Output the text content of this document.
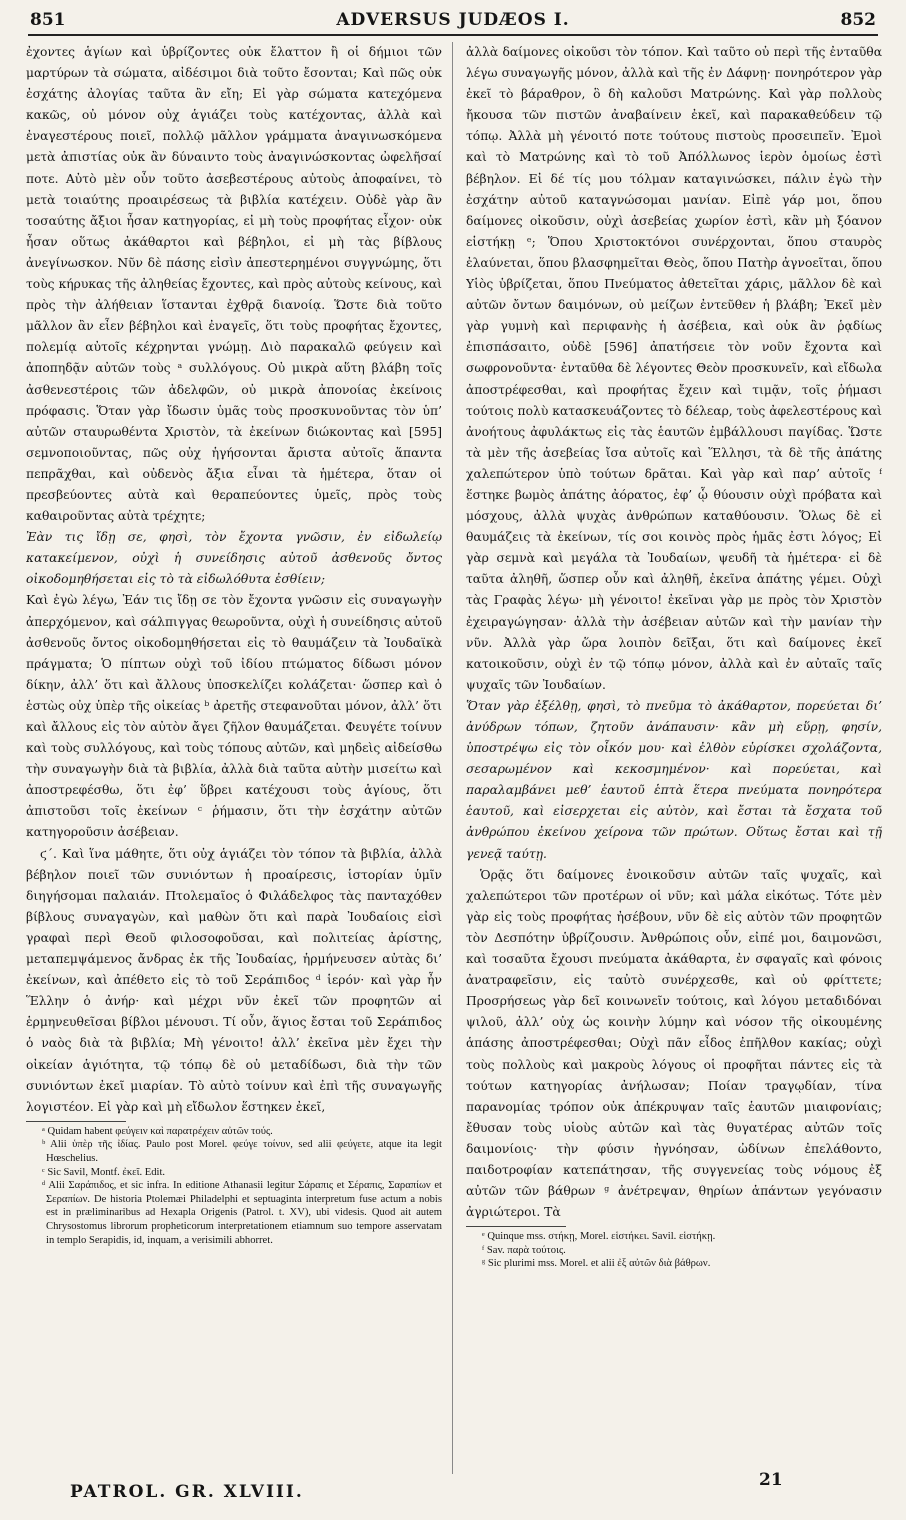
851	ADVERSUS JUDÆOS I.	852

ἐχοντες ἁγίων καὶ ὑβρίζοντες οὐκ ἔλαττον ἢ οἱ δήμιοι τῶν μαρτύρων τὰ σώματα, αἰδέσιμοι διὰ τοῦτο ἔσονται; Καὶ πῶς οὐκ ἐσχάτης ἀλογίας ταῦτα ἂν εἴη; Εἰ γὰρ σώματα κατεχόμενα κακῶς, οὐ μόνον οὐχ ἁγιάζει τοὺς κατέχοντας, ἀλλὰ καὶ ἐναγεστέρους ποιεῖ, πολλῷ μᾶλλον γράμματα ἀναγινωσκόμενα μετὰ ἀπιστίας οὐκ ἂν δύναιντο τοὺς ἀναγινώσκοντας ὠφελῆσαί ποτε. Αὐτὸ μὲν οὖν τοῦτο ἀσεβεστέρους αὐτοὺς ἀποφαίνει, τὸ μετὰ τοιαύτης προαιρέσεως τὰ βιβλία κατέχειν. Οὐδὲ γὰρ ἂν τοσαύτης ἄξιοι ἦσαν κατηγορίας, εἰ μὴ τοὺς προφήτας εἶχον· οὐκ ἦσαν οὕτως ἀκάθαρτοι καὶ βέβηλοι, εἰ μὴ τὰς βίβλους ἀνεγίνωσκον. Νῦν δὲ πάσης εἰσὶν ἀπεστερημένοι συγγνώμης, ὅτι τοὺς κήρυκας τῆς ἀληθείας ἔχοντες, καὶ πρὸς αὐτοὺς κείνους, καὶ πρὸς τὴν ἀλήθειαν ἵστανται ἐχθρᾷ διανοίᾳ. Ὥστε διὰ τοῦτο μᾶλλον ἂν εἶεν βέβηλοι καὶ ἐναγεῖς, ὅτι τοὺς προφήτας ἔχοντες, πολεμίᾳ αὐτοῖς κέχρηνται γνώμῃ. Διὸ παρακαλῶ φεύγειν καὶ ἀποπηδᾷν αὐτῶν τοὺς ᵃ συλλόγους. Οὐ μικρὰ αὕτη βλάβη τοῖς ἀσθενεστέροις τῶν ἀδελφῶν, οὐ μικρὰ ἀπονοίας ἐκείνοις πρόφασις. Ὅταν γὰρ ἴδωσιν ὑμᾶς τοὺς προσκυνοῦντας τὸν ὑπ’ αὐτῶν σταυρωθέντα Χριστὸν, τὰ ἐκείνων διώκοντας καὶ [595] σεμνοποιοῦντας, πῶς οὐχ ἡγήσονται ἄριστα αὐτοῖς ἅπαντα πεπρᾶχθαι, καὶ οὐδενὸς ἄξια εἶναι τὰ ἡμέτερα, ὅταν οἱ πρεσβεύοντες αὐτὰ καὶ θεραπεύοντες ὑμεῖς, πρὸς τοὺς καθαιροῦντας αὐτὰ τρέχητε;

Ἐὰν τις ἴδῃ σε, φησὶ, τὸν ἔχοντα γνῶσιν, ἐν εἰδωλείῳ κατακείμενον, οὐχὶ ἡ συνείδησις αὐτοῦ ἀσθενοῦς ὄντος οἰκοδομηθήσεται εἰς τὸ τὰ εἰδωλόθυτα ἐσθίειν;

Καὶ ἐγὼ λέγω, Ἐάν τις ἴδῃ σε τὸν ἔχοντα γνῶσιν εἰς συναγωγὴν ἀπερχόμενον, καὶ σάλπιγγας θεωροῦντα, οὐχὶ ἡ συνείδησις αὐτοῦ ἀσθενοῦς ὄντος οἰκοδομηθήσεται εἰς τὸ θαυμάζειν τὰ Ἰουδαϊκὰ πράγματα; Ὁ πίπτων οὐχὶ τοῦ ἰδίου πτώματος δίδωσι μόνον δίκην, ἀλλ’ ὅτι καὶ ἄλλους ὑποσκελίζει κολάζεται· ὥσπερ καὶ ὁ ἑστὼς οὐχ ὑπὲρ τῆς οἰκείας ᵇ ἀρετῆς στεφανοῦται μόνον, ἀλλ’ ὅτι καὶ ἄλλους εἰς τὸν αὐτὸν ἄγει ζῆλον θαυμάζεται. Φευγέτε τοίνυν καὶ τοὺς συλλόγους, καὶ τοὺς τόπους αὐτῶν, καὶ μηδεὶς αἰδείσθω τὴν συναγωγὴν διὰ τὰ βιβλία, ἀλλὰ διὰ ταῦτα αὐτὴν μισείτω καὶ ἀποστρεφέσθω, ὅτι ἐφ’ ὕβρει κατέχουσι τοὺς ἁγίους, ὅτι ἀπιστοῦσι τοῖς ἐκείνων ᶜ ῥήμασιν, ὅτι τὴν ἐσχάτην αὐτῶν κατηγοροῦσιν ἀσέβειαν.

ϛ΄. Καὶ ἵνα μάθητε, ὅτι οὐχ ἁγιάζει τὸν τόπον τὰ βιβλία, ἀλλὰ βέβηλον ποιεῖ τῶν συνιόντων ἡ προαίρεσις, ἱστορίαν ὑμῖν διηγήσομαι παλαιάν. Πτολεμαῖος ὁ Φιλάδελφος τὰς πανταχόθεν βίβλους συναγαγὼν, καὶ μαθὼν ὅτι καὶ παρὰ Ἰουδαίοις εἰσὶ γραφαὶ περὶ Θεοῦ φιλοσοφοῦσαι, καὶ πολιτείας ἀρίστης, μεταπεμψάμενος ἄνδρας ἐκ τῆς Ἰουδαίας, ἡρμήνευσεν αὐτὰς δι’ ἐκείνων, καὶ ἀπέθετο εἰς τὸ τοῦ Σεράπιδος ᵈ ἱερόν· καὶ γὰρ ἦν Ἕλλην ὁ ἀνήρ· καὶ μέχρι νῦν ἐκεῖ τῶν προφητῶν αἱ ἑρμηνευθεῖσαι βίβλοι μένουσι. Τί οὖν, ἅγιος ἔσται τοῦ Σεράπιδος ὁ ναὸς διὰ τὰ βιβλία; Μὴ γένοιτο! ἀλλ’ ἐκεῖνα μὲν ἔχει τὴν οἰκείαν ἁγιότητα, τῷ τόπῳ δὲ οὐ μεταδίδωσι, διὰ τὴν τῶν συνιόντων ἐκεῖ μιαρίαν. Τὸ αὐτὸ τοίνυν καὶ ἐπὶ τῆς συναγωγῆς λογιστέον. Εἰ γὰρ καὶ μὴ εἴδωλον ἕστηκεν ἐκεῖ,

ᵃ Quidam habent φεύγειν καὶ παρατρέχειν αὐτῶν τούς.

ᵇ Alii ὑπὲρ τῆς ἰδίας. Paulo post Morel. φεύγε τοίνυν, sed alii φεύγετε, atque ita legit Hœschelius.

ᶜ Sic Savil, Montf. ἐκεῖ. Edit.

ᵈ Alii Σαράπιδος, et sic infra. In editione Athanasii legitur Σάραπις et Σέραπις, Σαραπίων et Σεραπίων. De historia Ptolemæi Philadelphi et septuaginta interpretum fuse actum a nobis est in præliminaribus ad Hexapla Origenis (Patrol. t. XV), ubi videsis. Quod ait autem Chrysostomus librorum propheticorum interpretationem etiamnum suo tempore asservatam in templo Serapidis, id, inquam, a verisimili abhorret.

ἀλλὰ δαίμονες οἰκοῦσι τὸν τόπον. Καὶ ταῦτο οὐ περὶ τῆς ἐνταῦθα λέγω συναγωγῆς μόνον, ἀλλὰ καὶ τῆς ἐν Δάφνῃ· πονηρότερον γὰρ ἐκεῖ τὸ βάραθρον, ὃ δὴ καλοῦσι Ματρώνης. Καὶ γὰρ πολλοὺς ἤκουσα τῶν πιστῶν ἀναβαίνειν ἐκεῖ, καὶ παρακαθεύδειν τῷ τόπῳ. Ἀλλὰ μὴ γένοιτό ποτε τούτους πιστοὺς προσειπεῖν. Ἐμοὶ καὶ τὸ Ματρώνης καὶ τὸ τοῦ Ἀπόλλωνος ἱερὸν ὁμοίως ἐστὶ βέβηλον. Εἰ δέ τίς μου τόλμαν καταγινώσκει, πάλιν ἐγὼ τὴν ἐσχάτην αὐτοῦ καταγνώσομαι μανίαν. Εἰπὲ γάρ μοι, ὅπου δαίμονες οἰκοῦσιν, οὐχὶ ἀσεβείας χωρίον ἐστὶ, κἂν μὴ ξόανον εἱστήκῃ ᵉ; Ὅπου Χριστοκτόνοι συνέρχονται, ὅπου σταυρὸς ἐλαύνεται, ὅπου βλασφημεῖται Θεὸς, ὅπου Πατὴρ ἀγνοεῖται, ὅπου Υἱὸς ὑβρίζεται, ὅπου Πνεύματος ἀθετεῖται χάρις, μᾶλλον δὲ καὶ αὐτῶν ὄντων δαιμόνων, οὐ μείζων ἐντεῦθεν ἡ βλάβη; Ἐκεῖ μὲν γὰρ γυμνὴ καὶ περιφανὴς ἡ ἀσέβεια, καὶ οὐκ ἂν ῥᾳδίως ἐπισπάσαιτο, οὐδὲ [596] ἀπατήσειε τὸν νοῦν ἔχοντα καὶ σωφρονοῦντα· ἐνταῦθα δὲ λέγοντες Θεὸν προσκυνεῖν, καὶ εἴδωλα ἀποστρέφεσθαι, καὶ προφήτας ἔχειν καὶ τιμᾷν, τοῖς ῥήμασι τούτοις πολὺ κατασκευάζοντες τὸ δέλεαρ, τοὺς ἀφελεστέρους καὶ ἀνοήτους ἀφυλάκτως εἰς τὰς ἑαυτῶν ἐμβάλλουσι παγίδας. Ὥστε τὰ μὲν τῆς ἀσεβείας ἴσα αὐτοῖς καὶ Ἕλλησι, τὰ δὲ τῆς ἀπάτης χαλεπώτερον ὑπὸ τούτων δρᾶται. Καὶ γὰρ καὶ παρ’ αὐτοῖς ᶠ ἕστηκε βωμὸς ἀπάτης ἀόρατος, ἐφ’ ᾧ θύουσιν οὐχὶ πρόβατα καὶ μόσχους, ἀλλὰ ψυχὰς ἀνθρώπων καταθύουσιν. Ὅλως δὲ εἰ θαυμάζεις τὰ ἐκείνων, τίς σοι κοινὸς πρὸς ἡμᾶς ἐστι λόγος; Εἰ γὰρ σεμνὰ καὶ μεγάλα τὰ Ἰουδαίων, ψευδῆ τὰ ἡμέτερα· εἰ δὲ ταῦτα ἀληθῆ, ὥσπερ οὖν καὶ ἀληθῆ, ἐκεῖνα ἀπάτης γέμει. Οὐχὶ τὰς Γραφὰς λέγω· μὴ γένοιτο! ἐκεῖναι γὰρ με πρὸς τὸν Χριστὸν ἐχειραγώγησαν· ἀλλὰ τὴν ἀσέβειαν αὐτῶν καὶ τὴν μανίαν τὴν νῦν. Ἀλλὰ γὰρ ὥρα λοιπὸν δεῖξαι, ὅτι καὶ δαίμονες ἐκεῖ κατοικοῦσιν, οὐχὶ ἐν τῷ τόπῳ μόνον, ἀλλὰ καὶ ἐν αὐταῖς ταῖς ψυχαῖς τῶν Ἰουδαίων.

Ὅταν γὰρ ἐξέλθῃ, φησὶ, τὸ πνεῦμα τὸ ἀκάθαρτον, πορεύεται δι’ ἀνύδρων τόπων, ζητοῦν ἀνάπαυσιν· κἂν μὴ εὕρῃ, φησίν, ὑποστρέψω εἰς τὸν οἶκόν μου· καὶ ἐλθὸν εὑρίσκει σχολάζοντα, σεσαρωμένον καὶ κεκοσμημένον· καὶ πορεύεται, καὶ παραλαμβάνει μεθ’ ἑαυτοῦ ἑπτὰ ἕτερα πνεύματα πονηρότερα ἑαυτοῦ, καὶ εἰσερχεται εἰς αὐτὸν, καὶ ἔσται τὰ ἔσχατα τοῦ ἀνθρώπου ἐκείνου χείρονα τῶν πρώτων. Οὕτως ἔσται καὶ τῇ γενεᾷ ταύτῃ.

Ὁρᾷς ὅτι δαίμονες ἐνοικοῦσιν αὐτῶν ταῖς ψυχαῖς, καὶ χαλεπώτεροι τῶν προτέρων οἱ νῦν; καὶ μάλα εἰκότως. Τότε μὲν γὰρ εἰς τοὺς προφήτας ἠσέβουν, νῦν δὲ εἰς αὐτὸν τῶν προφητῶν τὸν Δεσπότην ὑβρίζουσιν. Ἀνθρώποις οὖν, εἰπέ μοι, δαιμονῶσι, καὶ τοσαῦτα ἔχουσι πνεύματα ἀκάθαρτα, ἐν σφαγαῖς καὶ φόνοις ἀνατραφεῖσιν, εἰς ταὐτὸ συνέρχεσθε, καὶ οὐ φρίττετε; Προσρήσεως γὰρ δεῖ κοινωνεῖν τούτοις, καὶ λόγου μεταδιδόναι ψιλοῦ, ἀλλ’ οὐχ ὡς κοινὴν λύμην καὶ νόσον τῆς οἰκουμένης ἁπάσης ἀποστρέφεσθαι; Οὐχὶ πᾶν εἶδος ἐπῆλθον κακίας; οὐχὶ τοὺς πολλοὺς καὶ μακροὺς λόγους οἱ προφῆται πάντες εἰς τὰ τούτων κατηγορίας ἀνήλωσαν; Ποίαν τραγῳδίαν, τίνα παρανομίας τρόπον οὐκ ἀπέκρυψαν ταῖς ἑαυτῶν μιαιφονίαις; ἔθυσαν τοὺς υἱοὺς αὐτῶν καὶ τὰς θυγατέρας αὐτῶν τοῖς δαιμονίοις· τὴν φύσιν ἠγνόησαν, ὠδίνων ἐπελάθοντο, παιδοτροφίαν κατεπάτησαν, τῆς συγγενείας τοὺς νόμους ἐξ αὐτῶν τῶν βάθρων ᵍ ἀνέτρεψαν, θηρίων ἁπάντων γεγόνασιν ἀγριώτεροι. Τὰ

ᵉ Quinque mss. στήκῃ, Morel. εἱστήκει. Savil. εἱστήκῃ.

ᶠ Sav. παρὰ τούτοις.

ᵍ Sic plurimi mss. Morel. et alii ἐξ αὐτῶν διὰ βάθρων.

PATROL. GR. XLVIII.
21
